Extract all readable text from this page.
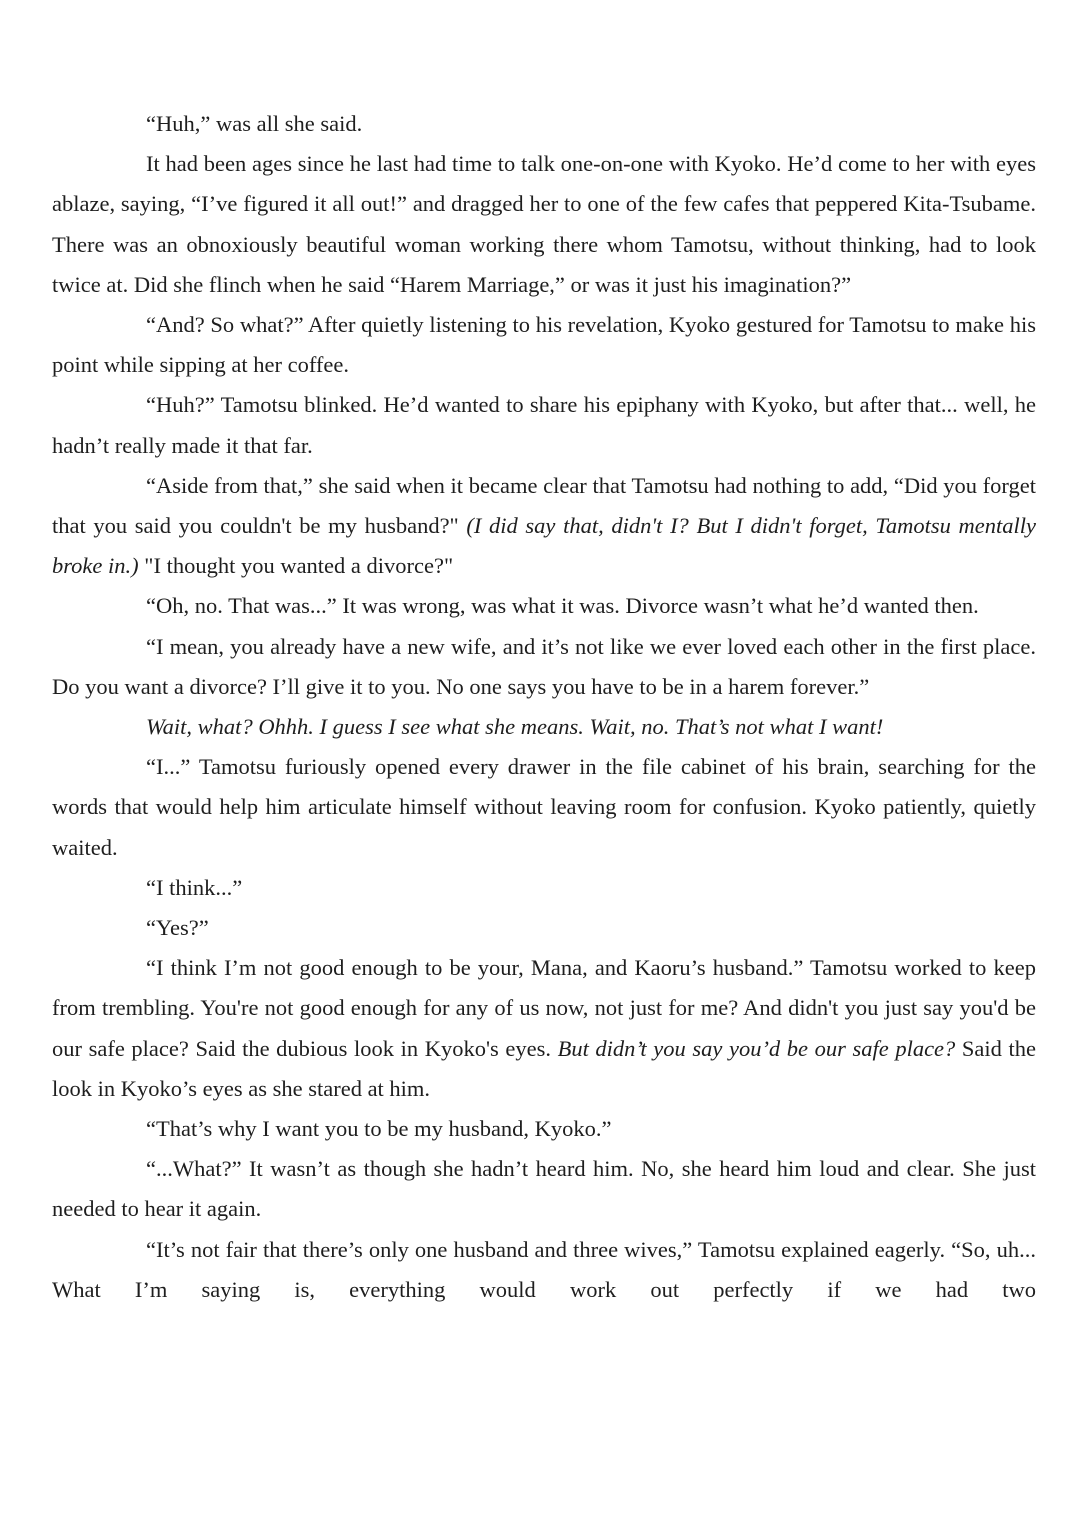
“Huh,” was all she said.

It had been ages since he last had time to talk one-on-one with Kyoko. He’d come to her with eyes ablaze, saying, “I’ve figured it all out!” and dragged her to one of the few cafes that peppered Kita-Tsubame. There was an obnoxiously beautiful woman working there whom Tamotsu, without thinking, had to look twice at. Did she flinch when he said “Harem Marriage,” or was it just his imagination?”

“And? So what?” After quietly listening to his revelation, Kyoko gestured for Tamotsu to make his point while sipping at her coffee.

“Huh?” Tamotsu blinked. He’d wanted to share his epiphany with Kyoko, but after that... well, he hadn’t really made it that far.

“Aside from that,” she said when it became clear that Tamotsu had nothing to add, “Did you forget that you said you couldn't be my husband?" (I did say that, didn't I? But I didn't forget, Tamotsu mentally broke in.) "I thought you wanted a divorce?"

“Oh, no. That was...” It was wrong, was what it was. Divorce wasn’t what he’d wanted then.

“I mean, you already have a new wife, and it’s not like we ever loved each other in the first place. Do you want a divorce? I’ll give it to you. No one says you have to be in a harem forever.”

Wait, what? Ohhh. I guess I see what she means. Wait, no. That’s not what I want!

“I...” Tamotsu furiously opened every drawer in the file cabinet of his brain, searching for the words that would help him articulate himself without leaving room for confusion. Kyoko patiently, quietly waited.

“I think...”

“Yes?”

“I think I’m not good enough to be your, Mana, and Kaoru’s husband.” Tamotsu worked to keep from trembling. You're not good enough for any of us now, not just for me? And didn't you just say you'd be our safe place? Said the dubious look in Kyoko's eyes. But didn’t you say you’d be our safe place? Said the look in Kyoko’s eyes as she stared at him.

“That’s why I want you to be my husband, Kyoko.”

“...What?” It wasn’t as though she hadn’t heard him. No, she heard him loud and clear. She just needed to hear it again.

“It’s not fair that there’s only one husband and three wives,” Tamotsu explained eagerly. “So, uh... What I’m saying is, everything would work out perfectly if we had two
